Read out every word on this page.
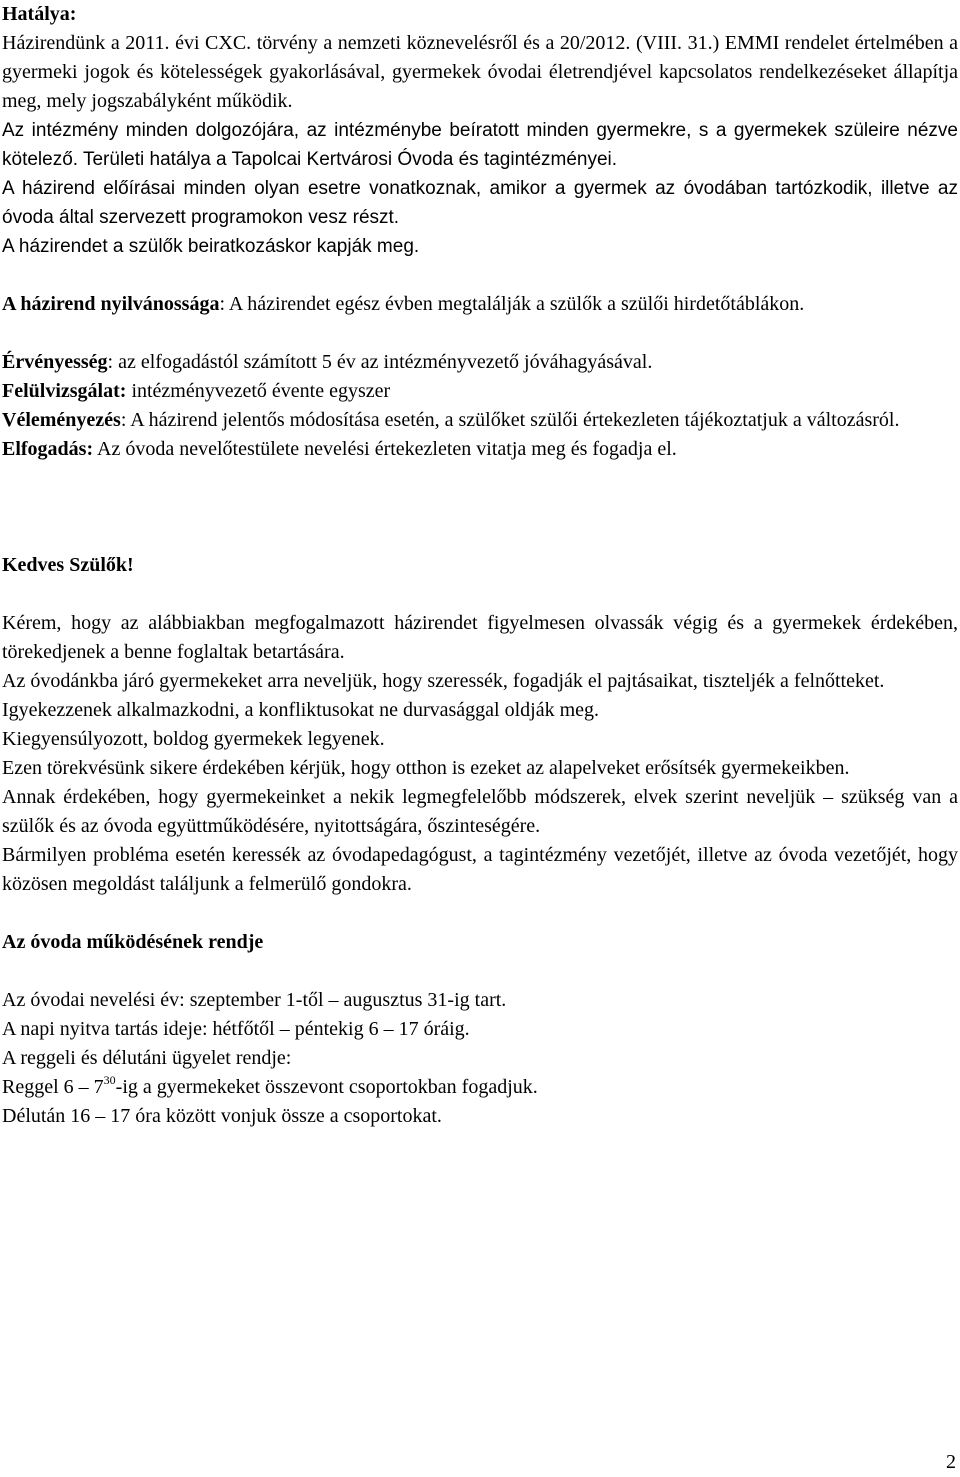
Hatálya:

Házirendünk a 2011. évi CXC. törvény a nemzeti köznevelésről és a 20/2012. (VIII. 31.) EMMI rendelet értelmében a gyermeki jogok és kötelességek gyakorlásával, gyermekek óvodai életrendjével kapcsolatos rendelkezéseket állapítja meg, mely jogszabályként működik.

Az intézmény minden dolgozójára, az intézménybe beíratott minden gyermekre, s a gyermekek szüleire nézve kötelező. Területi hatálya a Tapolcai Kertvárosi Óvoda és tagintézményei.

A házirend előírásai minden olyan esetre vonatkoznak, amikor a gyermek az óvodában tartózkodik, illetve az óvoda által szervezett programokon vesz részt.

A házirendet a szülők beiratkozáskor kapják meg.

A házirend nyilvánossága: A házirendet egész évben megtalálják a szülők a szülői hirdetőtáblákon.

Érvényesség: az elfogadástól számított 5 év az intézményvezető jóváhagyásával.

Felülvizsgálat: intézményvezető évente egyszer

Véleményezés: A házirend jelentős módosítása esetén, a szülőket szülői értekezleten tájékoztatjuk a változásról.

Elfogadás: Az óvoda nevelőtestülete nevelési értekezleten vitatja meg és fogadja el.

Kedves Szülők!

Kérem, hogy az alábbiakban megfogalmazott házirendet figyelmesen olvassák végig és a gyermekek érdekében, törekedjenek a benne foglaltak betartására.

Az óvodánkba járó gyermekeket arra neveljük, hogy szeressék, fogadják el pajtásaikat, tiszteljék a felnőtteket.

Igyekezzenek alkalmazkodni, a konfliktusokat ne durvasággal oldják meg.

Kiegyensúlyozott, boldog gyermekek legyenek.

Ezen törekvésünk sikere érdekében kérjük, hogy otthon is ezeket az alapelveket erősítsék gyermekeikben.

Annak érdekében, hogy gyermekeinket a nekik legmegfelelőbb módszerek, elvek szerint neveljük – szükség van a szülők és az óvoda együttműködésére, nyitottságára, őszinteségére.

Bármilyen probléma esetén keressék az óvodapedagógust, a tagintézmény vezetőjét, illetve az óvoda vezetőjét, hogy közösen megoldást találjunk a felmerülő gondokra.

Az óvoda működésének rendje

Az óvodai nevelési év: szeptember 1-től – augusztus 31-ig tart.

A napi nyitva tartás ideje: hétfőtől – péntekig 6 – 17 óráig.

A reggeli és délutáni ügyelet rendje:

Reggel $6 - 7^{30}-ig$ a gyermekeket összevont csoportokban fogadjuk.

Délután 16 – 17 óra között vonjuk össze a csoportokat.

2
